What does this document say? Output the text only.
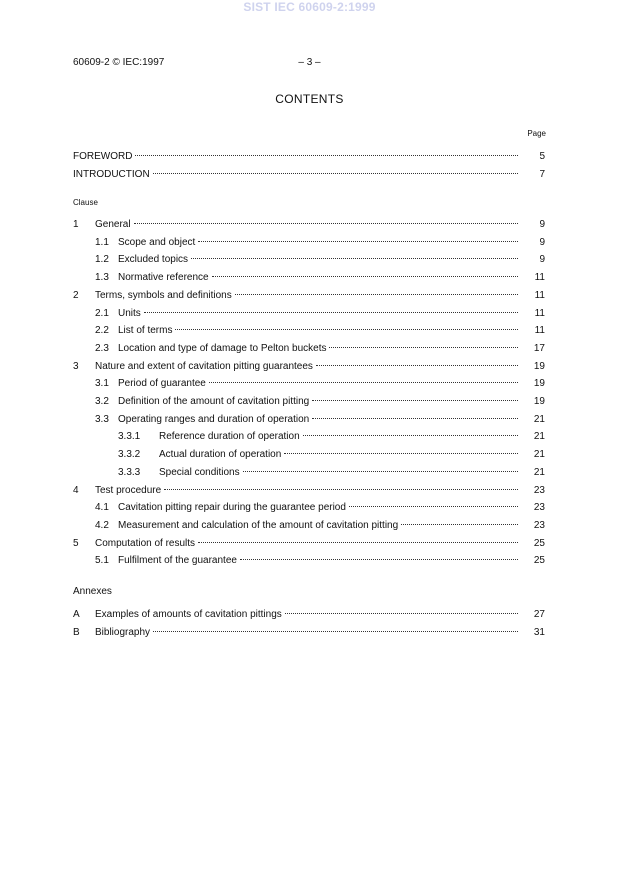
SIST IEC 60609-2:1999
60609-2 © IEC:1997	– 3 –
CONTENTS
Page
Clause
Annexes
FOREWORD	5
INTRODUCTION	7
1	General	9
1.1 Scope and object	9
1.2 Excluded topics	9
1.3 Normative reference	11
2	Terms, symbols and definitions	11
2.1 Units	11
2.2 List of terms	11
2.3 Location and type of damage to Pelton buckets	17
3	Nature and extent of cavitation pitting guarantees	19
3.1 Period of guarantee	19
3.2 Definition of the amount of cavitation pitting	19
3.3 Operating ranges and duration of operation	21
3.3.1	Reference duration of operation	21
3.3.2	Actual duration of operation	21
3.3.3	Special conditions	21
4	Test procedure	23
4.1 Cavitation pitting repair during the guarantee period	23
4.2 Measurement and calculation of the amount of cavitation pitting	23
5	Computation of results	25
5.1 Fulfilment of the guarantee	25
A	Examples of amounts of cavitation pittings	27
B	Bibliography	31
